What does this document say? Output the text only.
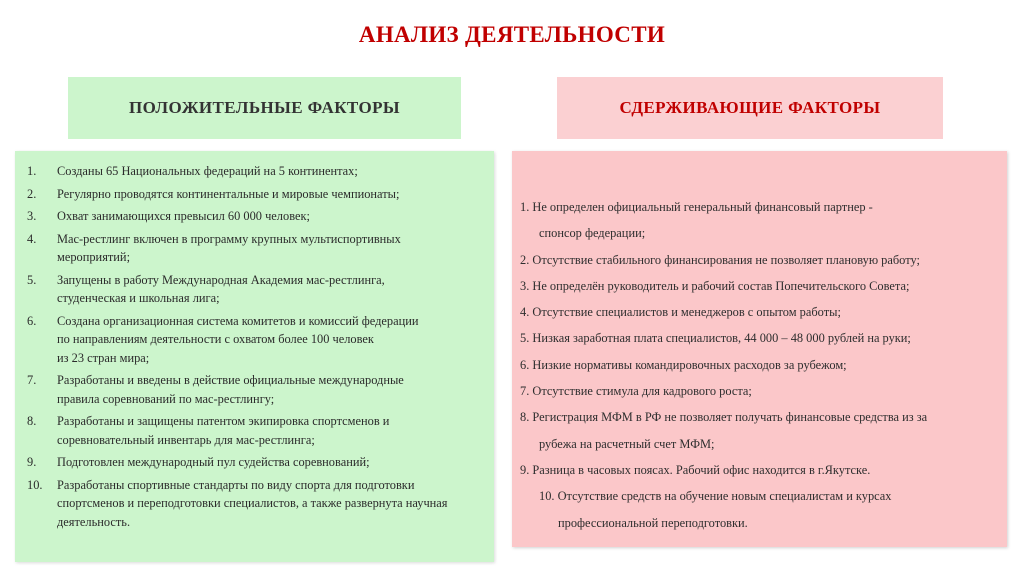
АНАЛИЗ ДЕЯТЕЛЬНОСТИ
ПОЛОЖИТЕЛЬНЫЕ ФАКТОРЫ	СДЕРЖИВАЮЩИЕ ФАКТОРЫ
1.	Созданы 65 Национальных федераций на 5 континентах;
2.	Регулярно проводятся континентальные и мировые чемпионаты;
3.	Охват занимающихся превысил 60 000 человек;
4.	Мас-рестлинг включен в программу крупных мультиспортивных
мероприятий;
5.	Запущены в работу Международная Академия мас-рестлинга,
студенческая и школьная лига;
6.	Создана организационная система комитетов и комиссий федерации
по направлениям деятельности с охватом более 100 человек
из 23 стран мира;
7.	Разработаны и введены в действие официальные международные
правила соревнований по мас-рестлингу;
8.	Разработаны и защищены патентом экипировка спортсменов и
соревновательный инвентарь для мас-рестлинга;
9.	Подготовлен международный пул судейства соревнований;
10.	Разработаны спортивные стандарты по виду спорта для подготовки
спортсменов и переподготовки специалистов, а также развернута научная
деятельность.
1. Не определен официальный генеральный финансовый партнер -
спонсор федерации;
2. Отсутствие стабильного финансирования не позволяет плановую работу;
3. Не определён руководитель и рабочий состав Попечительского Совета;
4. Отсутствие специалистов и менеджеров с опытом работы;
5. Низкая заработная плата специалистов, 44 000 – 48 000 рублей на руки;
6. Низкие нормативы командировочных расходов за рубежом;
7. Отсутствие стимула для кадрового роста;
8. Регистрация МФМ в РФ не позволяет получать финансовые средства из за
рубежа на расчетный счет МФМ;
9. Разница в часовых поясах. Рабочий офис находится в г.Якутске.
10. Отсутствие средств на обучение новым специалистам и курсах
профессиональной переподготовки.
